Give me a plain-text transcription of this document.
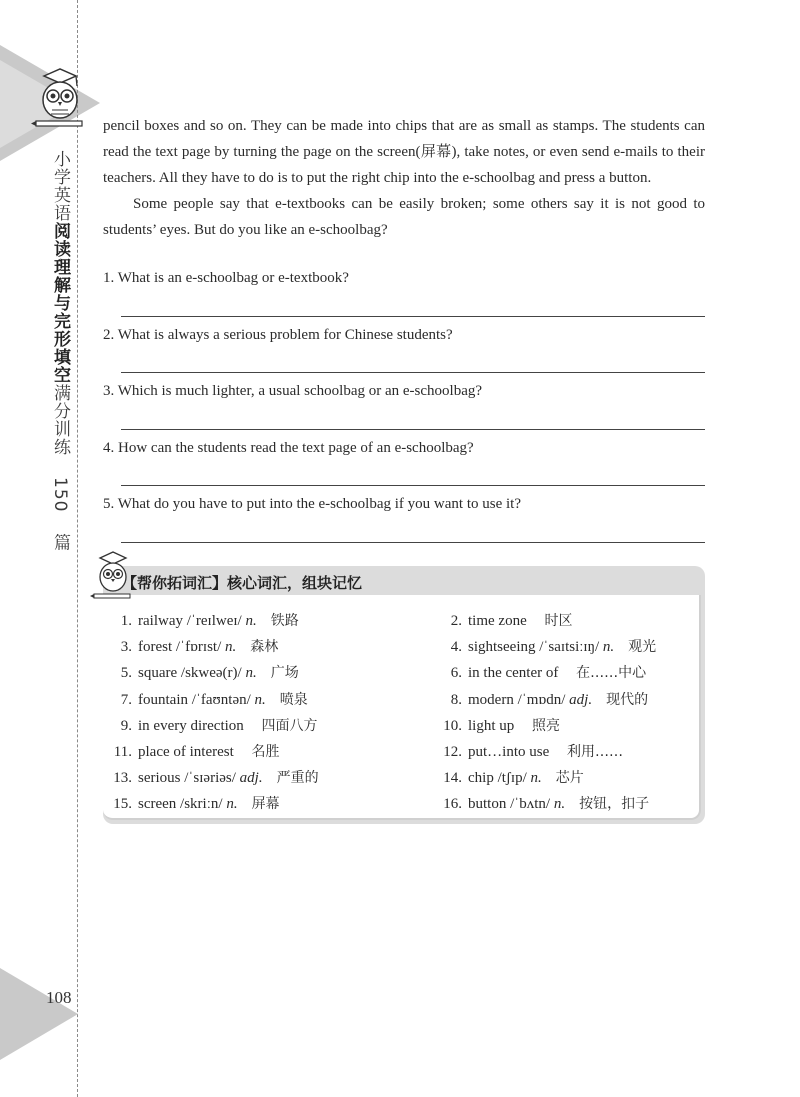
小学英语阅读理解与完形填空满分训练 150 篇
108

pencil boxes and so on. They can be made into chips that are as small as stamps. The students can read the text page by turning the page on the screen(屏幕), take notes, or even send e-mails to their teachers. All they have to do is to put the right chip into the e-schoolbag and press a button.

Some people say that e-textbooks can be easily broken; some others say it is not good to students’ eyes. But do you like an e-schoolbag?

1. What is an e-schoolbag or e-textbook?
2. What is always a serious problem for Chinese students?
3. Which is much lighter, a usual schoolbag or an e-schoolbag?
4. How can the students read the text page of an e-schoolbag?
5. What do you have to put into the e-schoolbag if you want to use it?
【帮你拓词汇】核心词汇，组块记忆
1. railway /ˈreɪlweɪ/ n. 铁路	2. time zone 时区
3. forest /ˈfɒrɪst/ n. 森林	4. sightseeing /ˈsaɪtsiːɪŋ/ n. 观光
5. square /skweə(r)/ n. 广场	6. in the center of 在……中心
7. fountain /ˈfaʊntən/ n. 喷泉	8. modern /ˈmɒdn/ adj. 现代的
9. in every direction 四面八方	10. light up 照亮
11. place of interest 名胜	12. put…into use 利用……
13. serious /ˈsɪəriəs/ adj. 严重的	14. chip /tʃɪp/ n. 芯片
15. screen /skriːn/ n. 屏幕	16. button /ˈbʌtn/ n. 按钮，扣子
